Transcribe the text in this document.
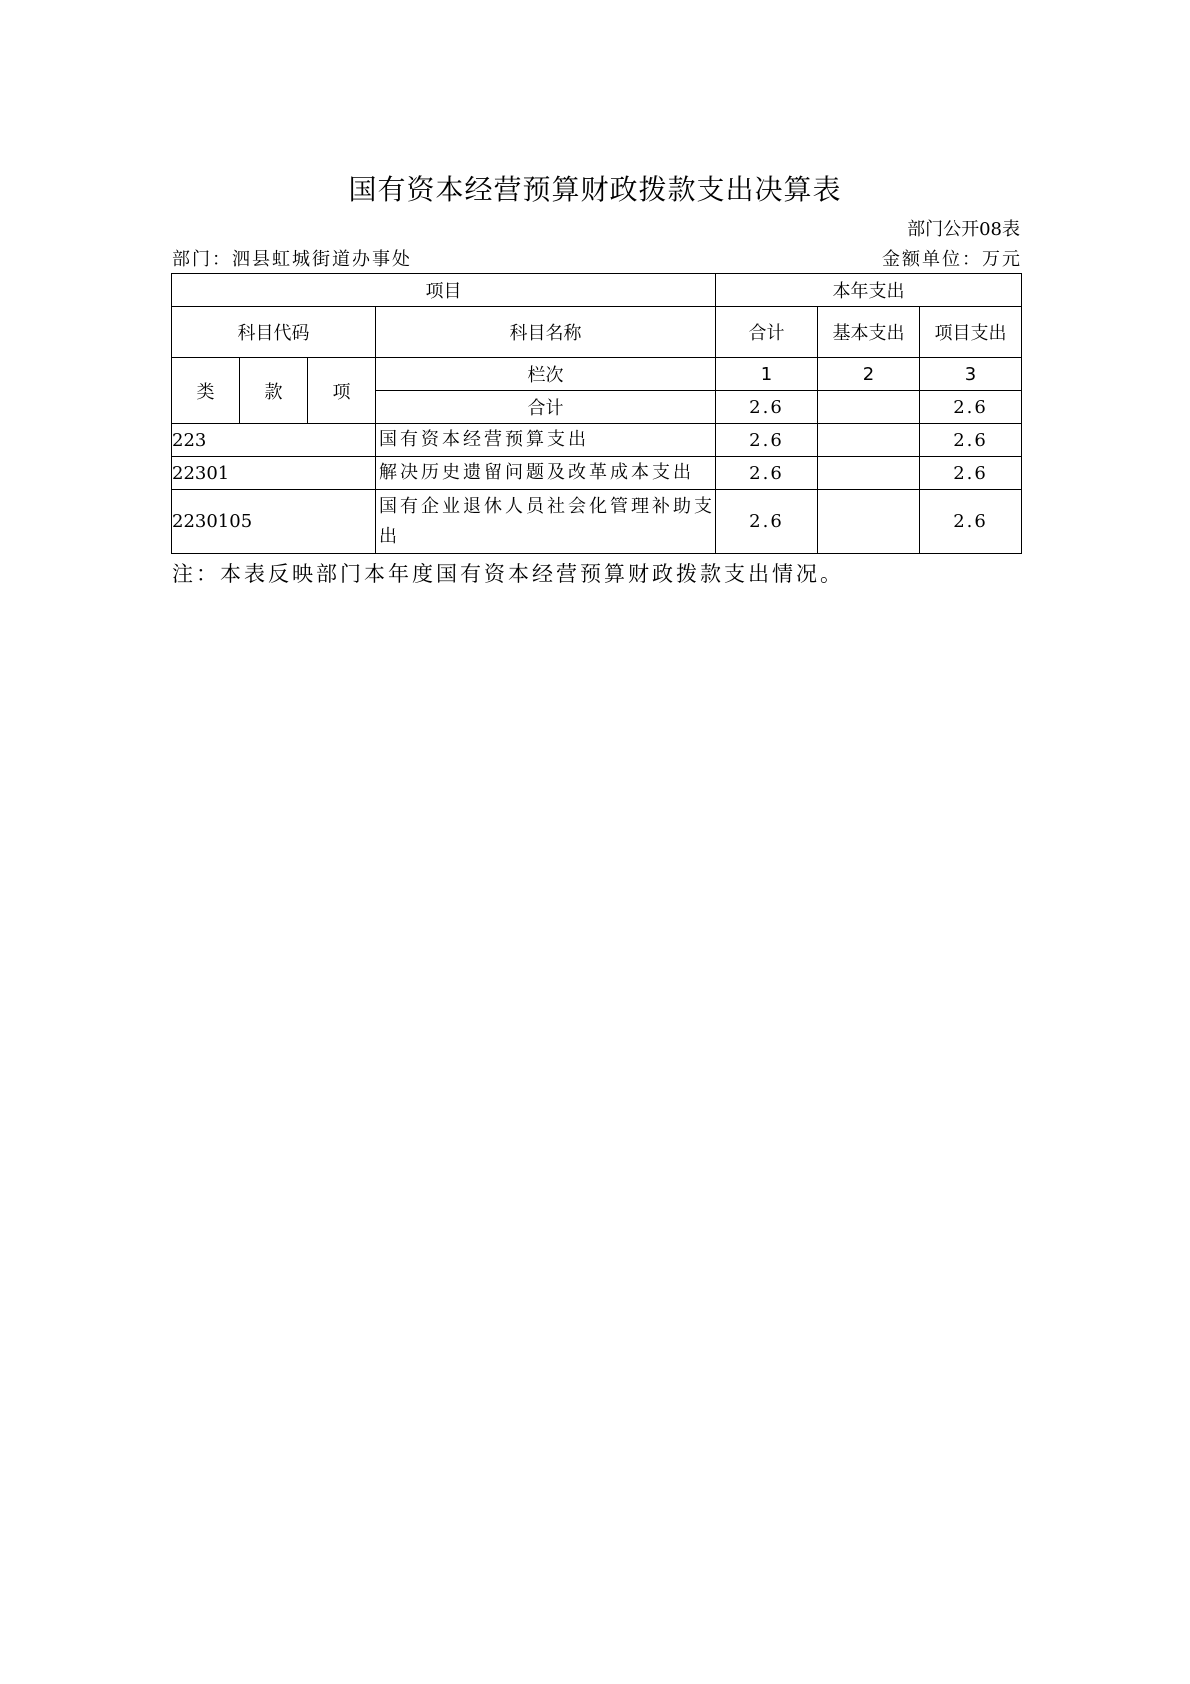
国有资本经营预算财政拨款支出决算表
部门公开08表
部门：泗县虹城街道办事处	金额单位：万元
项目				本年支出		
科目代码			科目名称	合计	基本支出	项目支出
类	款	项	栏次	1	2	3
			合计	2.6		2.6
223			国有资本经营预算支出	2.6		2.6
22301			解决历史遗留问题及改革成本支出	2.6		2.6
2230105			国有企业退休人员社会化管理补助支出	2.6		2.6
注：本表反映部门本年度国有资本经营预算财政拨款支出情况。
